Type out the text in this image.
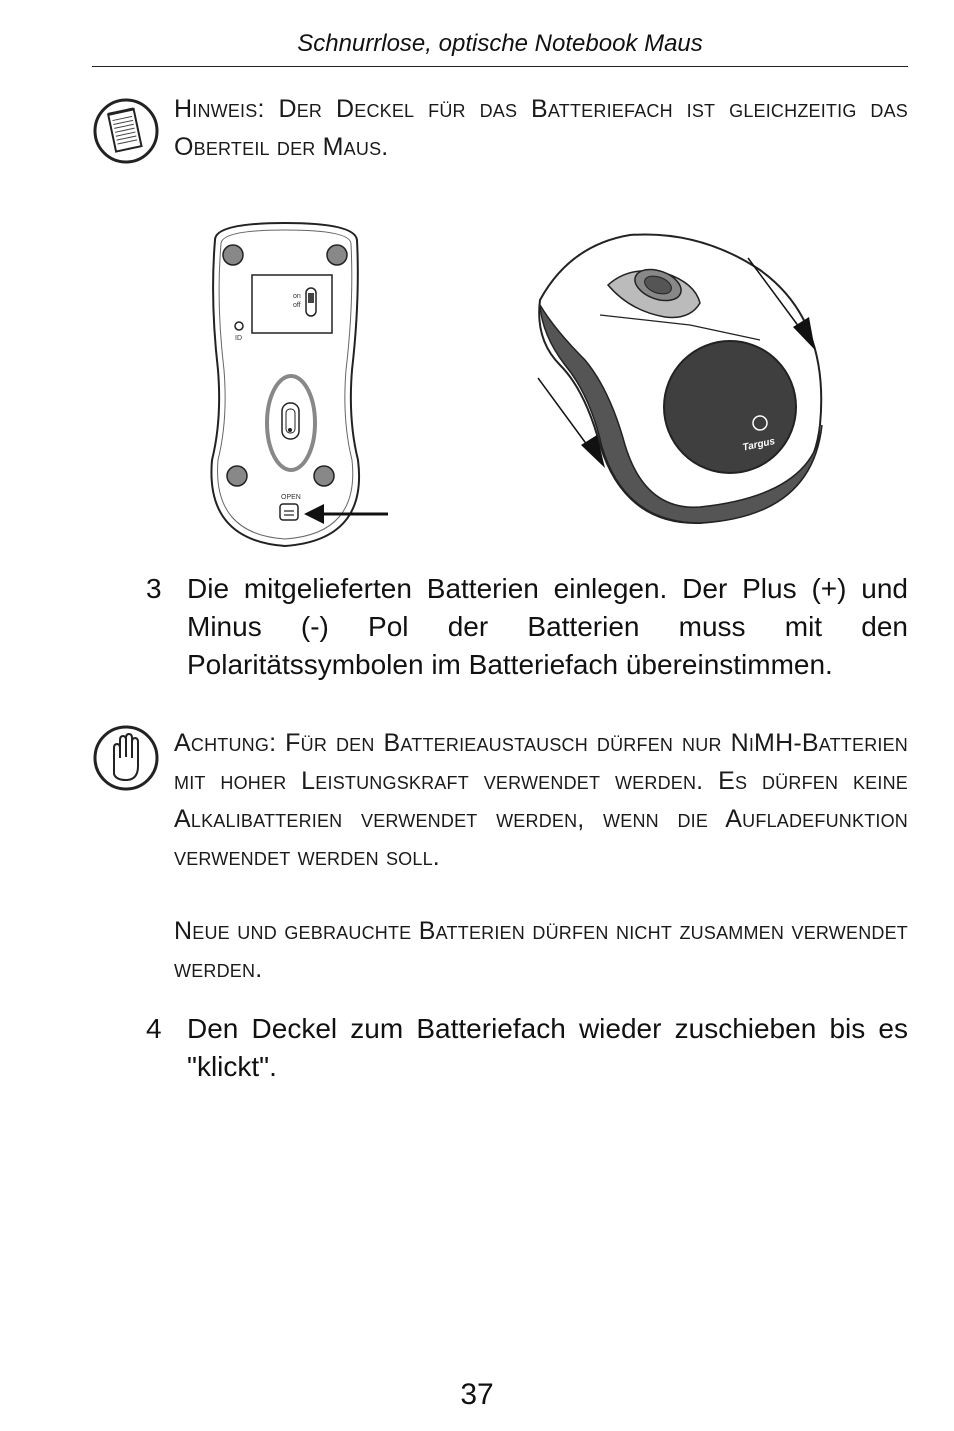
Schnurrlose, optische Notebook Maus
Hinweis: Der Deckel für das Batteriefach ist gleichzeitig das Oberteil der Maus.
on
off
ID
OPEN
Targus
3 Die mitgelieferten Batterien einlegen. Der Plus (+) und Minus (-) Pol der Batterien muss mit den Polaritätssymbolen im Batteriefach übereinstimmen.
Achtung: Für den Batterieaustausch dürfen nur NiMH-Batterien mit hoher Leistungskraft verwendet werden. Es dürfen keine Alkalibatterien verwendet werden, wenn die Aufladefunktion verwendet werden soll.
Neue und gebrauchte Batterien dürfen nicht zusammen verwendet werden.
4 Den Deckel zum Batteriefach wieder zuschieben bis es "klickt".
37
